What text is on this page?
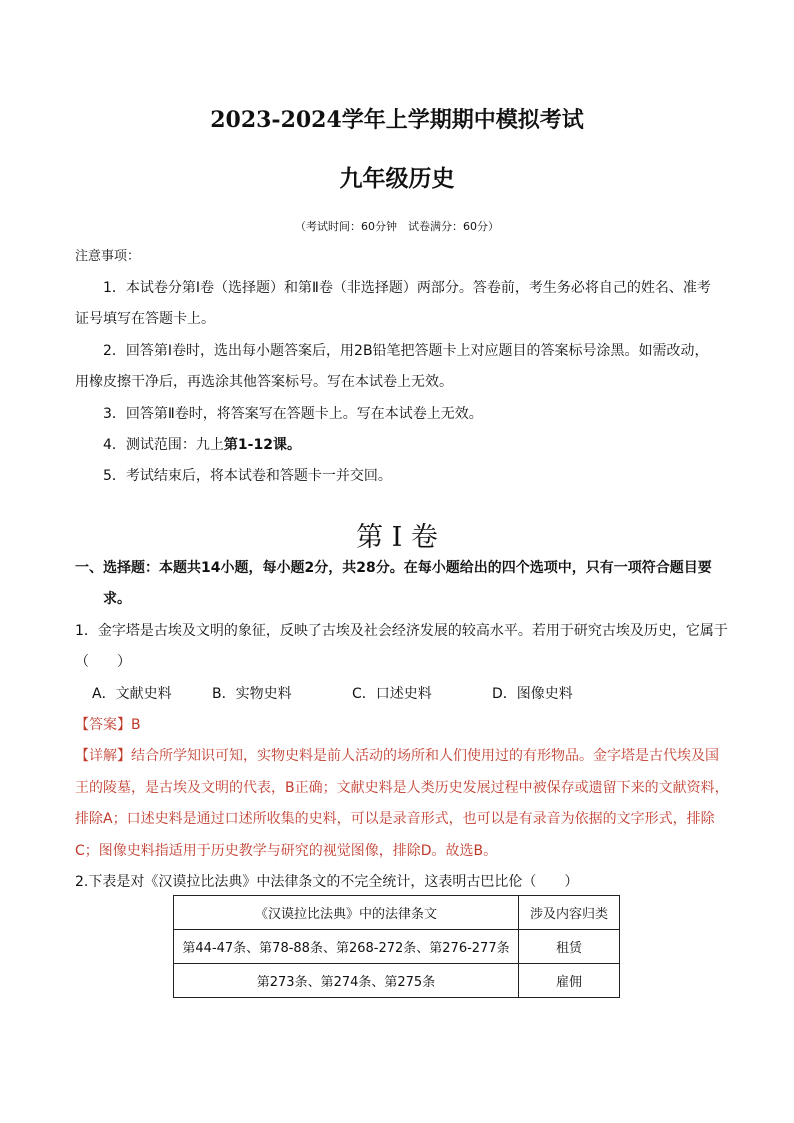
2023-2024学年上学期期中模拟考试
九年级历史
（考试时间：60分钟　试卷满分：60分）
注意事项：
1．本试卷分第Ⅰ卷（选择题）和第Ⅱ卷（非选择题）两部分。答卷前，考生务必将自己的姓名、准考
证号填写在答题卡上。
2．回答第Ⅰ卷时，选出每小题答案后，用2B铅笔把答题卡上对应题目的答案标号涂黑。如需改动，
用橡皮擦干净后，再选涂其他答案标号。写在本试卷上无效。
3．回答第Ⅱ卷时，将答案写在答题卡上。写在本试卷上无效。
4．测试范围：九上第1-12课。
5．考试结束后，将本试卷和答题卡一并交回。
第 I 卷
一、选择题：本题共14小题，每小题2分，共28分。在每小题给出的四个选项中，只有一项符合题目要
求。
1．金字塔是古埃及文明的象征，反映了古埃及社会经济发展的较高水平。若用于研究古埃及历史，它属于
（　　）
A．文献史料	B．实物史料	C．口述史料	D．图像史料
【答案】B
【详解】结合所学知识可知，实物史料是前人活动的场所和人们使用过的有形物品。金字塔是古代埃及国
王的陵墓，是古埃及文明的代表，B正确；文献史料是人类历史发展过程中被保存或遗留下来的文献资料，
排除A；口述史料是通过口述所收集的史料，可以是录音形式，也可以是有录音为依据的文字形式，排除
C；图像史料指适用于历史教学与研究的视觉图像，排除D。故选B。
2.下表是对《汉谟拉比法典》中法律条文的不完全统计，这表明古巴比伦（　　）
《汉谟拉比法典》中的法律条文	涉及内容归类
第44-47条、第78-88条、第268-272条、第276-277条	租赁
第273条、第274条、第275条	雇佣
